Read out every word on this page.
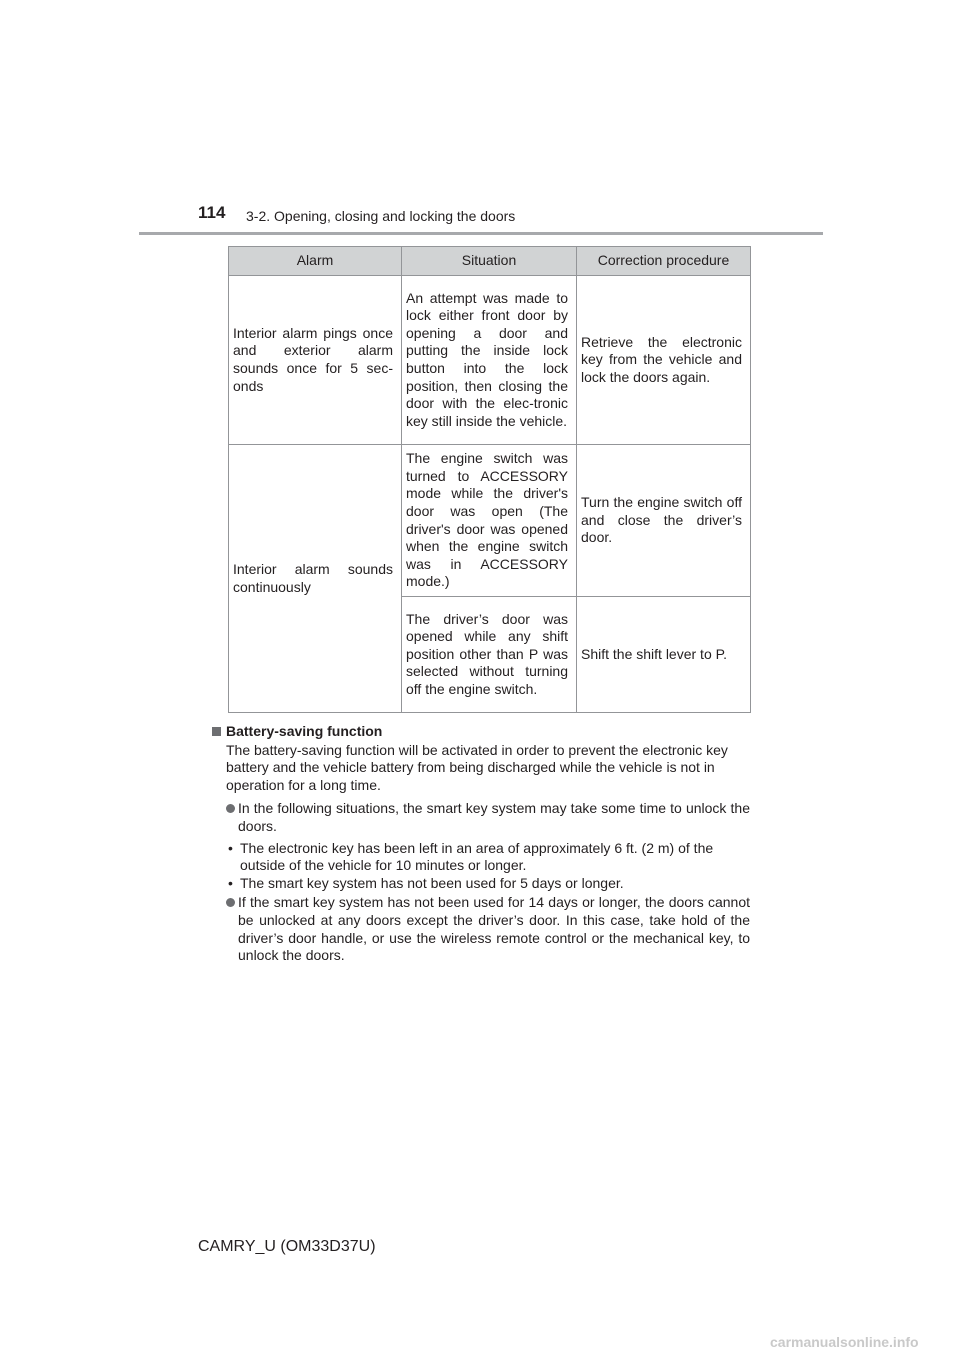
114 3-2. Opening, closing and locking the doors
Alarm	Situation	Correction procedure
Interior alarm pings once and exterior alarm sounds once for 5 sec-onds	An attempt was made to lock either front door by opening a door and putting the inside lock button into the lock position, then closing the door with the elec-tronic key still inside the vehicle.	Retrieve the electronic key from the vehicle and lock the doors again.
Interior alarm sounds continuously	The engine switch was turned to ACCESSORY mode while the driver's door was open (The driver's door was opened when the engine switch was in ACCESSORY mode.)	Turn the engine switch off and close the driver’s door.
	The driver’s door was opened while any shift position other than P was selected without turning off the engine switch.	Shift the shift lever to P.
Battery-saving function
The battery-saving function will be activated in order to prevent the electronic key battery and the vehicle battery from being discharged while the vehicle is not in operation for a long time.
In the following situations, the smart key system may take some time to unlock the doors.
•
The electronic key has been left in an area of approximately 6 ft. (2 m) of the outside of the vehicle for 10 minutes or longer.
•
The smart key system has not been used for 5 days or longer.
If the smart key system has not been used for 14 days or longer, the doors cannot be unlocked at any doors except the driver’s door. In this case, take hold of the driver’s door handle, or use the wireless remote control or the mechanical key, to unlock the doors.
CAMRY_U (OM33D37U)
carmanualsonline.info
